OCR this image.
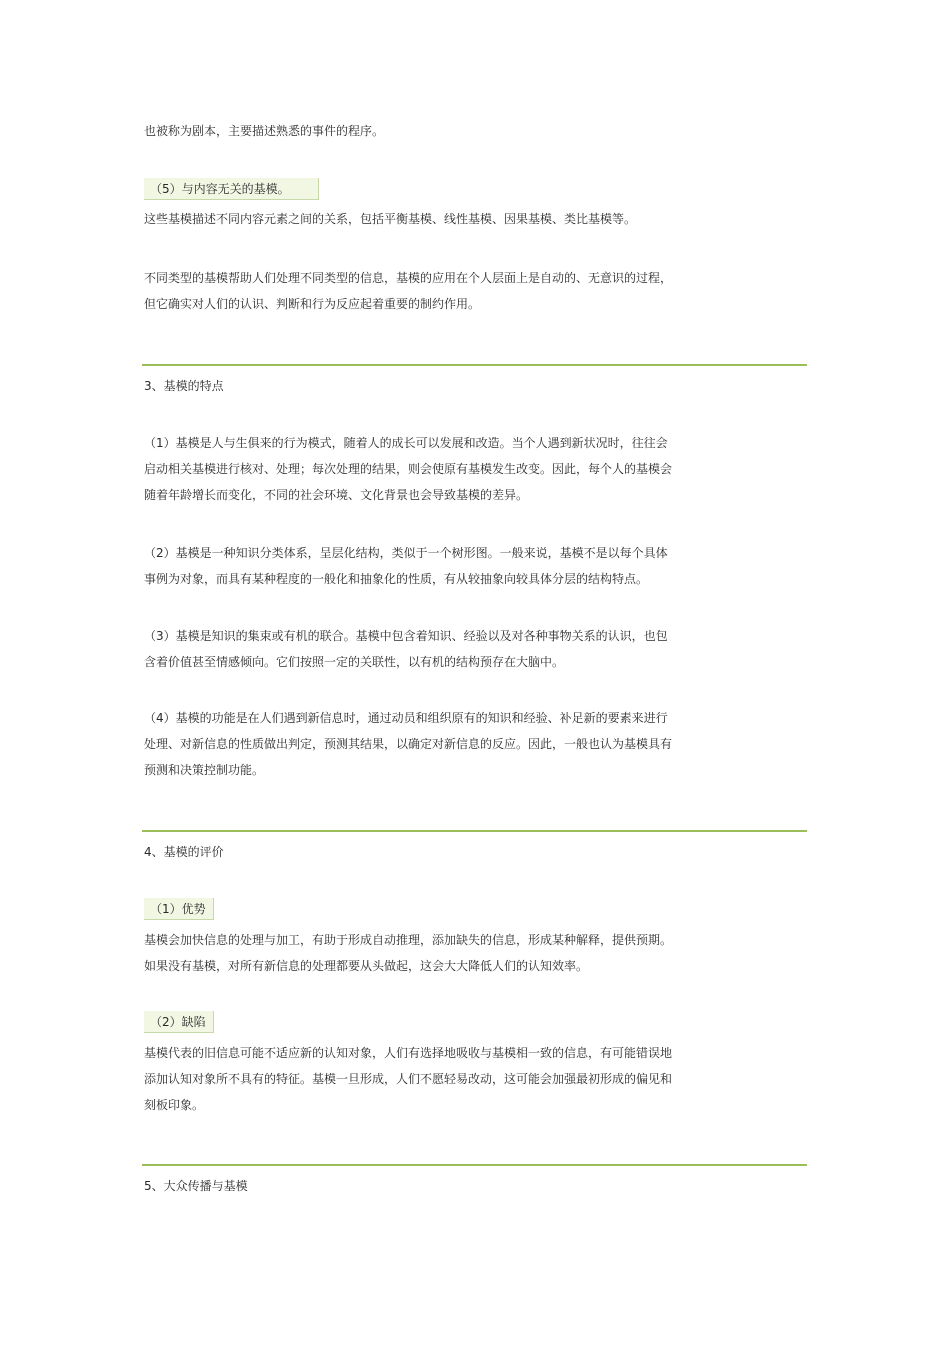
也被称为剧本，主要描述熟悉的事件的程序。
（5）与内容无关的基模。
这些基模描述不同内容元素之间的关系，包括平衡基模、线性基模、因果基模、类比基模等。
不同类型的基模帮助人们处理不同类型的信息，基模的应用在个人层面上是自动的、无意识的过程，
但它确实对人们的认识、判断和行为反应起着重要的制约作用。
3、基模的特点
（1）基模是人与生俱来的行为模式，随着人的成长可以发展和改造。当个人遇到新状况时，往往会
启动相关基模进行核对、处理；每次处理的结果，则会使原有基模发生改变。因此，每个人的基模会
随着年龄增长而变化，不同的社会环境、文化背景也会导致基模的差异。
（2）基模是一种知识分类体系，呈层化结构，类似于一个树形图。一般来说，基模不是以每个具体
事例为对象，而具有某种程度的一般化和抽象化的性质，有从较抽象向较具体分层的结构特点。
（3）基模是知识的集束或有机的联合。基模中包含着知识、经验以及对各种事物关系的认识，也包
含着价值甚至情感倾向。它们按照一定的关联性，以有机的结构预存在大脑中。
（4）基模的功能是在人们遇到新信息时，通过动员和组织原有的知识和经验、补足新的要素来进行
处理、对新信息的性质做出判定，预测其结果，以确定对新信息的反应。因此，一般也认为基模具有
预测和决策控制功能。
4、基模的评价
（1）优势
基模会加快信息的处理与加工，有助于形成自动推理，添加缺失的信息，形成某种解释，提供预期。
如果没有基模，对所有新信息的处理都要从头做起，这会大大降低人们的认知效率。
（2）缺陷
基模代表的旧信息可能不适应新的认知对象，人们有选择地吸收与基模相一致的信息，有可能错误地
添加认知对象所不具有的特征。基模一旦形成，人们不愿轻易改动，这可能会加强最初形成的偏见和
刻板印象。
5、大众传播与基模
